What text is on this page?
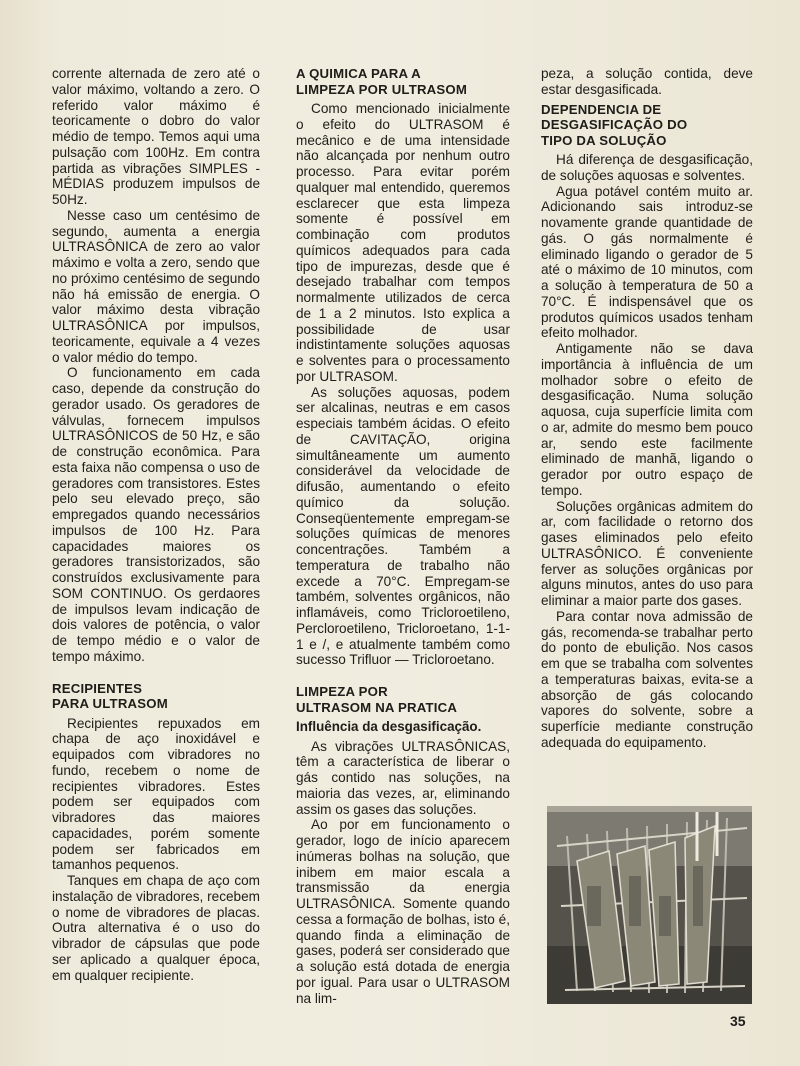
corrente alternada de zero até o valor máximo, voltando a zero. O referido valor máximo é teoricamente o dobro do valor médio de tempo. Temos aqui uma pulsação com 100Hz. Em contra partida as vibrações SIMPLES - MÉDIAS produzem impulsos de 50Hz.

Nesse caso um centésimo de segundo, aumenta a energia ULTRASÔNICA de zero ao valor máximo e volta a zero, sendo que no próximo centésimo de segundo não há emissão de energia. O valor máximo desta vibração ULTRASÔNICA por impulsos, teoricamente, equivale a 4 vezes o valor médio do tempo.

O funcionamento em cada caso, depende da construção do gerador usado. Os geradores de válvulas, fornecem impulsos ULTRASÔNICOS de 50 Hz, e são de construção econômica. Para esta faixa não compensa o uso de geradores com transistores. Estes pelo seu elevado preço, são empregados quando necessários impulsos de 100 Hz. Para capacidades maiores os geradores transistorizados, são construídos exclusivamente para SOM CONTINUO. Os gerdaores de impulsos levam indicação de dois valores de potência, o valor de tempo médio e o valor de tempo máximo.

RECIPIENTES
PARA ULTRASOM

Recipientes repuxados em chapa de aço inoxidável e equipados com vibradores no fundo, recebem o nome de recipientes vibradores. Estes podem ser equipados com vibradores das maiores capacidades, porém somente podem ser fabricados em tamanhos pequenos.

Tanques em chapa de aço com instalação de vibradores, recebem o nome de vibradores de placas. Outra alternativa é o uso do vibrador de cápsulas que pode ser aplicado a qualquer época, em qualquer recipiente.

A QUIMICA PARA A
LIMPEZA POR ULTRASOM

Como mencionado inicialmente o efeito do ULTRASOM é mecânico e de uma intensidade não alcançada por nenhum outro processo. Para evitar porém qualquer mal entendido, queremos esclarecer que esta limpeza somente é possível em combinação com produtos químicos adequados para cada tipo de impurezas, desde que é desejado trabalhar com tempos normalmente utilizados de cerca de 1 a 2 minutos. Isto explica a possibilidade de usar indistintamente soluções aquosas e solventes para o processamento por ULTRASOM.

As soluções aquosas, podem ser alcalinas, neutras e em casos especiais também ácidas. O efeito de CAVITAÇÃO, origina simultâneamente um aumento considerável da velocidade de difusão, aumentando o efeito químico da solução. Conseqüentemente empregam-se soluções químicas de menores concentrações. Também a temperatura de trabalho não excede a 70°C. Empregam-se também, solventes orgânicos, não inflamáveis, como Tricloroetileno, Percloroetileno, Tricloroetano, 1-1-1 e /, e atualmente também como sucesso Trifluor — Tricloroetano.

LIMPEZA POR
ULTRASOM NA PRATICA
Influência da desgasificação.

As vibrações ULTRASÔNICAS, têm a característica de liberar o gás contido nas soluções, na maioria das vezes, ar, eliminando assim os gases das soluções.

Ao por em funcionamento o gerador, logo de início aparecem inúmeras bolhas na solução, que inibem em maior escala a transmissão da energia ULTRASÔNICA. Somente quando cessa a formação de bolhas, isto é, quando finda a eliminação de gases, poderá ser considerado que a solução está dotada de energia por igual. Para usar o ULTRASOM na lim-

peza, a solução contida, deve estar desgasificada.

DEPENDENCIA DE
DESGASIFICAÇÃO DO
TIPO DA SOLUÇÃO

Há diferença de desgasificação, de soluções aquosas e solventes.

Agua potável contém muito ar. Adicionando sais introduz-se novamente grande quantidade de gás. O gás normalmente é eliminado ligando o gerador de 5 até o máximo de 10 minutos, com a solução à temperatura de 50 a 70°C. É indispensável que os produtos químicos usados tenham efeito molhador.

Antigamente não se dava importância à influência de um molhador sobre o efeito de desgasificação. Numa solução aquosa, cuja superfície limita com o ar, admite do mesmo bem pouco ar, sendo este facilmente eliminado de manhã, ligando o gerador por outro espaço de tempo.

Soluções orgânicas admitem do ar, com facilidade o retorno dos gases eliminados pelo efeito ULTRASÔNICO. É conveniente ferver as soluções orgânicas por alguns minutos, antes do uso para eliminar a maior parte dos gases.

Para contar nova admissão de gás, recomenda-se trabalhar perto do ponto de ebulição. Nos casos em que se trabalha com solventes a temperaturas baixas, evita-se a absorção de gás colocando vapores do solvente, sobre a superfície mediante construção adequada do equipamento.

35
